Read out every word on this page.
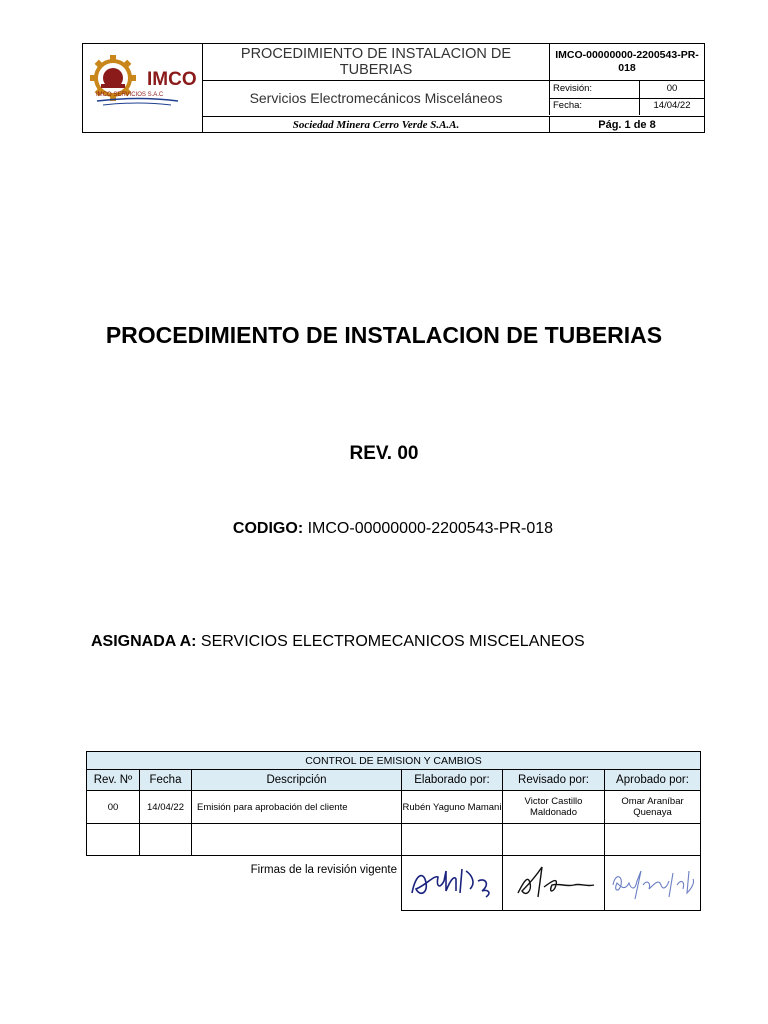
IMCO
IMCO SERVICIOS S.A.C
PROCEDIMIENTO DE INSTALACION DE TUBERIAS
Servicios Electromecánicos Misceláneos
Sociedad Minera Cerro Verde S.A.A.
IMCO-00000000-2200543-PR-018
Revisión:	00
Fecha:	14/04/22
Pág. 1 de 8
PROCEDIMIENTO DE INSTALACION DE TUBERIAS
REV. 00
CODIGO: IMCO-00000000-2200543-PR-018
ASIGNADA A: SERVICIOS ELECTROMECANICOS MISCELANEOS
CONTROL DE EMISION Y CAMBIOS					
Rev. Nº	Fecha	Descripción	Elaborado por:	Revisado por:	Aprobado por:
00	14/04/22	Emisión para aprobación del cliente	Rubén Yaguno Mamani	Victor Castillo Maldonado	Omar Araníbar Quenaya

Firmas de la revisión vigente	
